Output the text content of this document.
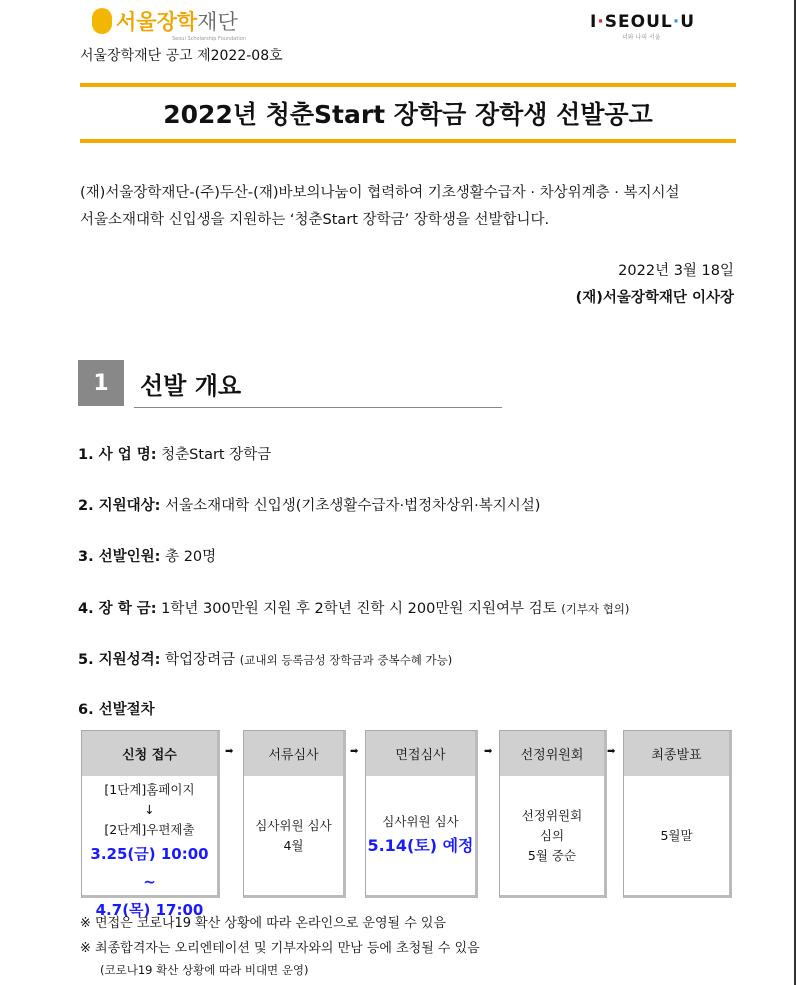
서울장학재단
Seoul Scholarship Foundation
I·SEOUL·U
너와 나의 서울
서울장학재단 공고 제2022-08호
2022년 청춘Start 장학금 장학생 선발공고
(재)서울장학재단-(주)두산-(재)바보의나눔이 협력하여 기초생활수급자 · 차상위계층 · 복지시설
서울소재대학 신입생을 지원하는 ‘청춘Start 장학금’ 장학생을 선발합니다.
2022년 3월 18일
(재)서울장학재단 이사장
1	선발 개요
1. 사 업 명: 청춘Start 장학금
2. 지원대상: 서울소재대학 신입생(기초생활수급자·법정차상위·복지시설)
3. 선발인원: 총 20명
4. 장 학 금: 1학년 300만원 지원 후 2학년 진학 시 200만원 지원여부 검토 (기부자 협의)
5. 지원성격: 학업장려금 (교내외 등록금성 장학금과 중복수혜 가능)
6. 선발절차
신청 접수
[1단계]홈페이지
↓
[2단계]우편제출
3.25(금) 10:00 ~
4.7(목) 17:00
➡	서류심사
심사위원 심사
4월
➡	면접심사
심사위원 심사
5.14(토) 예정
➡	선정위원회
선정위원회
심의
5월 중순
➡	최종발표
5월말
※ 면접은 코로나19 확산 상황에 따라 온라인으로 운영될 수 있음
※ 최종합격자는 오리엔테이션 및 기부자와의 만남 등에 초청될 수 있음
(코로나19 확산 상황에 따라 비대면 운영)
